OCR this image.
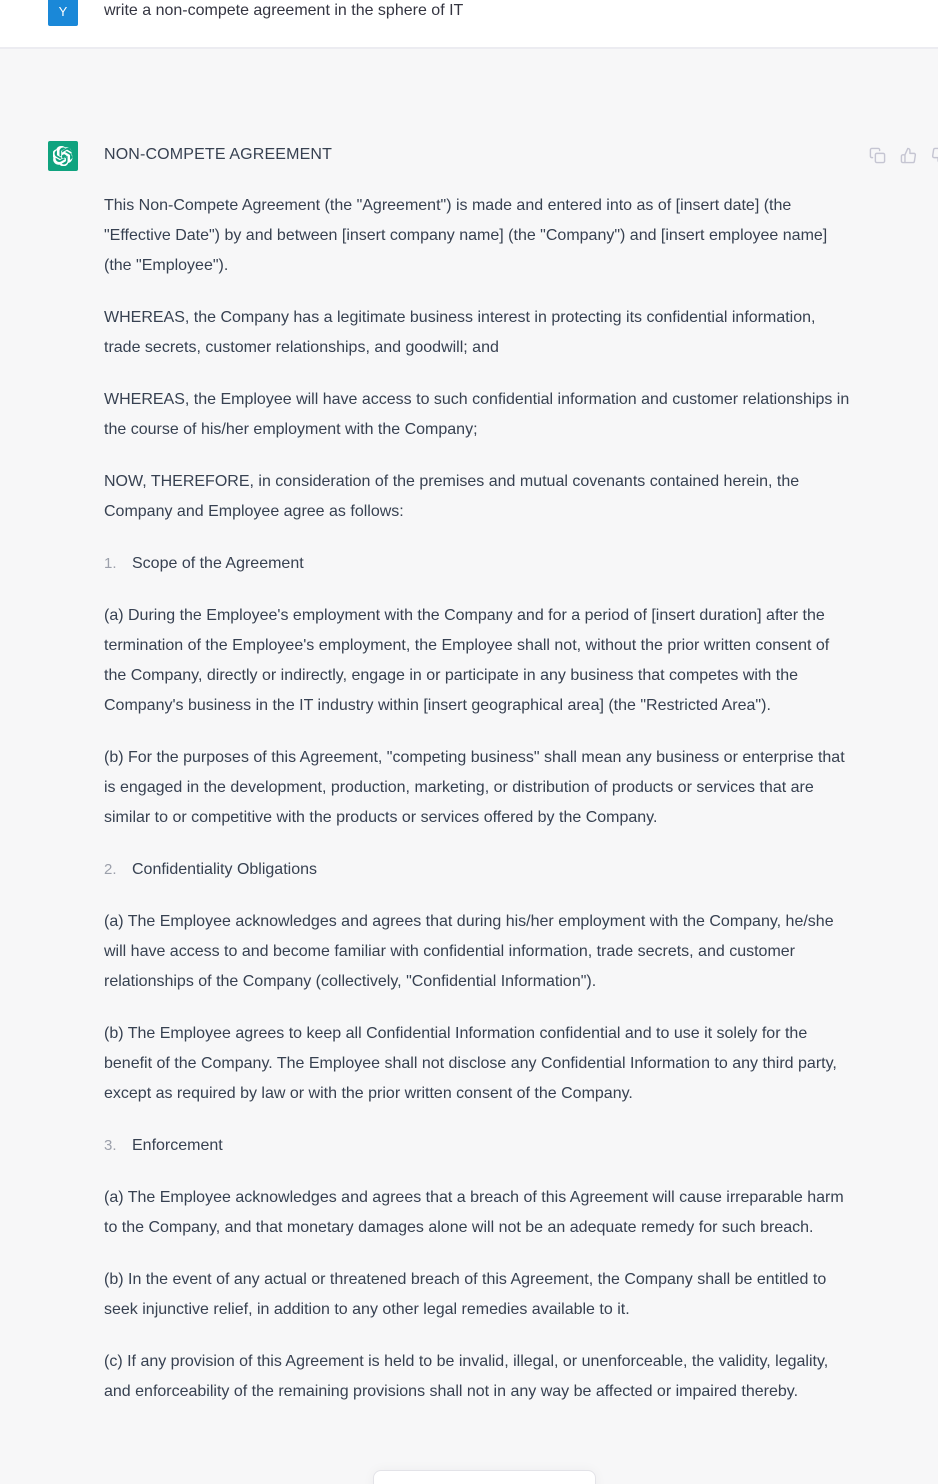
Y	write a non-compete agreement in the sphere of IT
NON-COMPETE AGREEMENT

This Non-Compete Agreement (the "Agreement") is made and entered into as of [insert date] (the "Effective Date") by and between [insert company name] (the "Company") and [insert employee name] (the "Employee").

WHEREAS, the Company has a legitimate business interest in protecting its confidential information, trade secrets, customer relationships, and goodwill; and

WHEREAS, the Employee will have access to such confidential information and customer relationships in the course of his/her employment with the Company;

NOW, THEREFORE, in consideration of the premises and mutual covenants contained herein, the Company and Employee agree as follows:

Scope of the Agreement

(a) During the Employee's employment with the Company and for a period of [insert duration] after the termination of the Employee's employment, the Employee shall not, without the prior written consent of the Company, directly or indirectly, engage in or participate in any business that competes with the Company's business in the IT industry within [insert geographical area] (the "Restricted Area").

(b) For the purposes of this Agreement, "competing business" shall mean any business or enterprise that is engaged in the development, production, marketing, or distribution of products or services that are similar to or competitive with the products or services offered by the Company.

Confidentiality Obligations

(a) The Employee acknowledges and agrees that during his/her employment with the Company, he/she will have access to and become familiar with confidential information, trade secrets, and customer relationships of the Company (collectively, "Confidential Information").

(b) The Employee agrees to keep all Confidential Information confidential and to use it solely for the benefit of the Company. The Employee shall not disclose any Confidential Information to any third party, except as required by law or with the prior written consent of the Company.

Enforcement

(a) The Employee acknowledges and agrees that a breach of this Agreement will cause irreparable harm to the Company, and that monetary damages alone will not be an adequate remedy for such breach.

(b) In the event of any actual or threatened breach of this Agreement, the Company shall be entitled to seek injunctive relief, in addition to any other legal remedies available to it.

(c) If any provision of this Agreement is held to be invalid, illegal, or unenforceable, the validity, legality, and enforceability of the remaining provisions shall not in any way be affected or impaired thereby.
